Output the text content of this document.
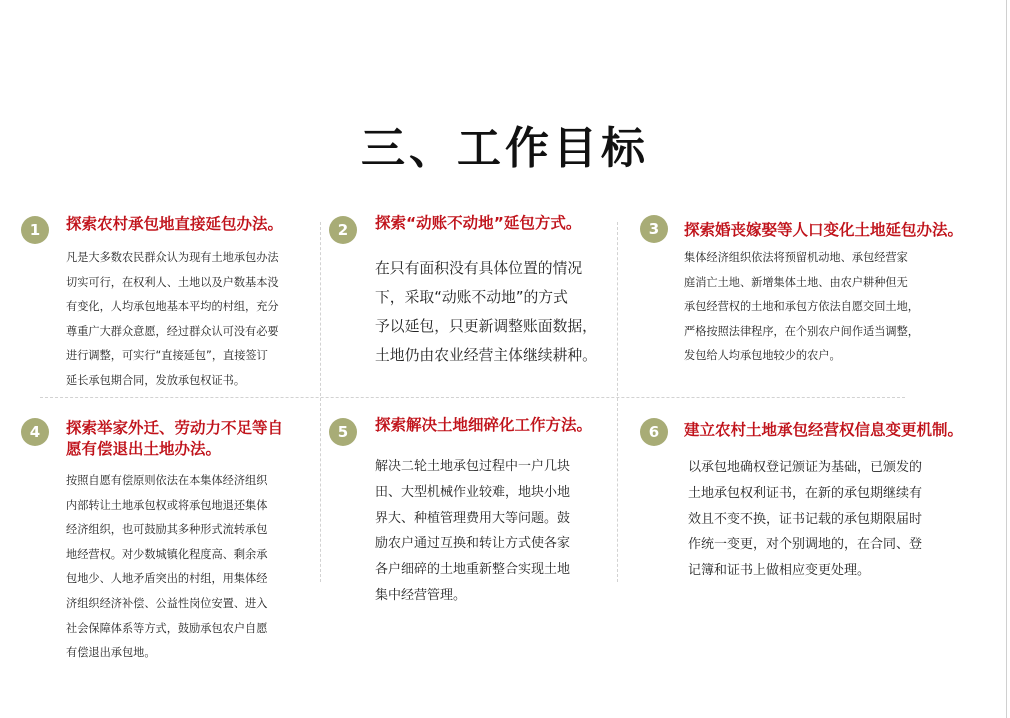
三、工作目标
1	探索农村承包地直接延包办法。
凡是大多数农民群众认为现有土地承包办法
切实可行，在权利人、土地以及户数基本没
有变化，人均承包地基本平均的村组，充分
尊重广大群众意愿，经过群众认可没有必要
进行调整，可实行“直接延包”，直接签订
延长承包期合同，发放承包权证书。
2	探索“动账不动地”延包方式。
在只有面积没有具体位置的情况
下，采取“动账不动地”的方式
予以延包，只更新调整账面数据，
土地仍由农业经营主体继续耕种。
3	探索婚丧嫁娶等人口变化土地延包办法。
集体经济组织依法将预留机动地、承包经营家
庭消亡土地、新增集体土地、由农户耕种但无
承包经营权的土地和承包方依法自愿交回土地，
严格按照法律程序，在个别农户间作适当调整，
发包给人均承包地较少的农户。
4	探索举家外迁、劳动力不足等自
愿有偿退出土地办法。
按照自愿有偿原则依法在本集体经济组织
内部转让土地承包权或将承包地退还集体
经济组织，也可鼓励其多种形式流转承包
地经营权。对少数城镇化程度高、剩余承
包地少、人地矛盾突出的村组，用集体经
济组织经济补偿、公益性岗位安置、进入
社会保障体系等方式，鼓励承包农户自愿
有偿退出承包地。
5	探索解决土地细碎化工作方法。
解决二轮土地承包过程中一户几块
田、大型机械作业较难，地块小地
界大、种植管理费用大等问题。鼓
励农户通过互换和转让方式使各家
各户细碎的土地重新整合实现土地
集中经营管理。
6	建立农村土地承包经营权信息变更机制。
以承包地确权登记颁证为基础，已颁发的
土地承包权利证书，在新的承包期继续有
效且不变不换，证书记载的承包期限届时
作统一变更，对个别调地的，在合同、登
记簿和证书上做相应变更处理。
